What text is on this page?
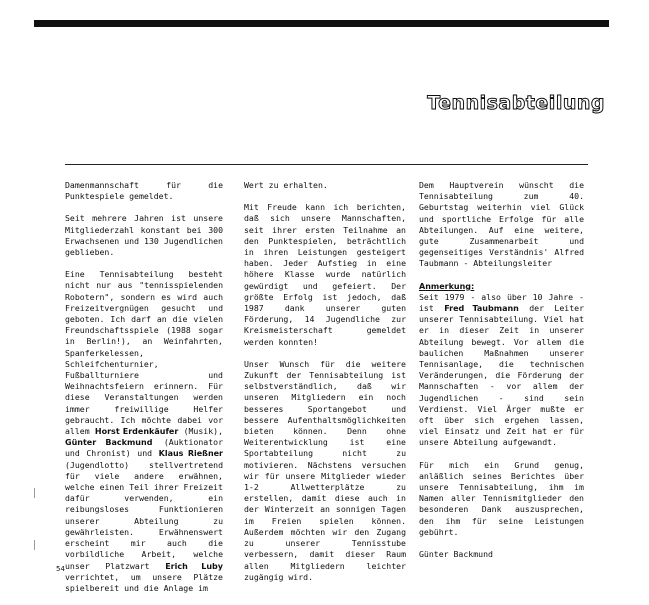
Tennisabteilung

Damenmannschaft für die Punktespiele gemeldet.

Seit mehrere Jahren ist unsere Mitgliederzahl konstant bei 300 Erwachsenen und 130 Jugendlichen geblieben.

Eine Tennisabteilung besteht nicht nur aus "tennisspielenden Robotern", sondern es wird auch Freizeitvergnügen gesucht und geboten. Ich darf an die vielen Freundschaftsspiele (1988 sogar in Berlin!), an Weinfahrten, Spanferkelessen, Schleifchenturnier, Fußballturniere und Weihnachtsfeiern erinnern. Für diese Veranstaltungen werden immer freiwillige Helfer gebraucht. Ich möchte dabei vor allem Horst Erdenkäufer (Musik), Günter Backmund (Auktionator und Chronist) und Klaus Rießner (Jugendlotto) stellvertretend für viele andere erwähnen, welche einen Teil ihrer Freizeit dafür verwenden, ein reibungsloses Funktionieren unserer Abteilung zu gewährleisten. Erwähnenswert erscheint mir auch die vorbildliche Arbeit, welche unser Platzwart Erich Luby verrichtet, um unsere Plätze spielbereit und die Anlage im

Wert zu erhalten.

Mit Freude kann ich berichten, daß sich unsere Mannschaften, seit ihrer ersten Teilnahme an den Punktespielen, beträchtlich in ihren Leistungen gesteigert haben. Jeder Aufstieg in eine höhere Klasse wurde natürlich gewürdigt und gefeiert. Der größte Erfolg ist jedoch, daß 1987 dank unserer guten Förderung, 14 Jugendliche zur Kreismeisterschaft gemeldet werden konnten!

Unser Wunsch für die weitere Zukunft der Tennisabteilung ist selbstverständlich, daß wir unseren Mitgliedern ein noch besseres Sportangebot und bessere Aufenthaltsmöglichkeiten bieten können. Denn ohne Weiterentwicklung ist eine Sportabteilung nicht zu motivieren. Nächstens versuchen wir für unsere Mitglieder wieder 1-2 Allwetterplätze zu erstellen, damit diese auch in der Winterzeit an sonnigen Tagen im Freien spielen können. Außerdem möchten wir den Zugang zu unserer Tennisstube verbessern, damit dieser Raum allen Mitgliedern leichter zugängig wird.

Dem Hauptverein wünscht die Tennisabteilung zum 40. Geburtstag weiterhin viel Glück und sportliche Erfolge für alle Abteilungen. Auf eine weitere, gute Zusammenarbeit und gegenseitiges Verständnis' Alfred Taubmann - Abteilungsleiter

Anmerkung:

Seit 1979 - also über 10 Jahre - ist Fred Taubmann der Leiter unserer Tennisabteilung. Viel hat er in dieser Zeit in unserer Abteilung bewegt. Vor allem die baulichen Maßnahmen unserer Tennisanlage, die technischen Veränderungen, die Förderung der Mannschaften - vor allem der Jugendlichen - sind sein Verdienst. Viel Ärger mußte er oft über sich ergehen lassen, viel Einsatz und Zeit hat er für unsere Abteilung aufgewandt.

Für mich ein Grund genug, anläßlich seines Berichtes über unsere Tennisabteilung, ihm im Namen aller Tennismitglieder den besonderen Dank auszusprechen, den ihm für seine Leistungen gebührt.

Günter Backmund

54
